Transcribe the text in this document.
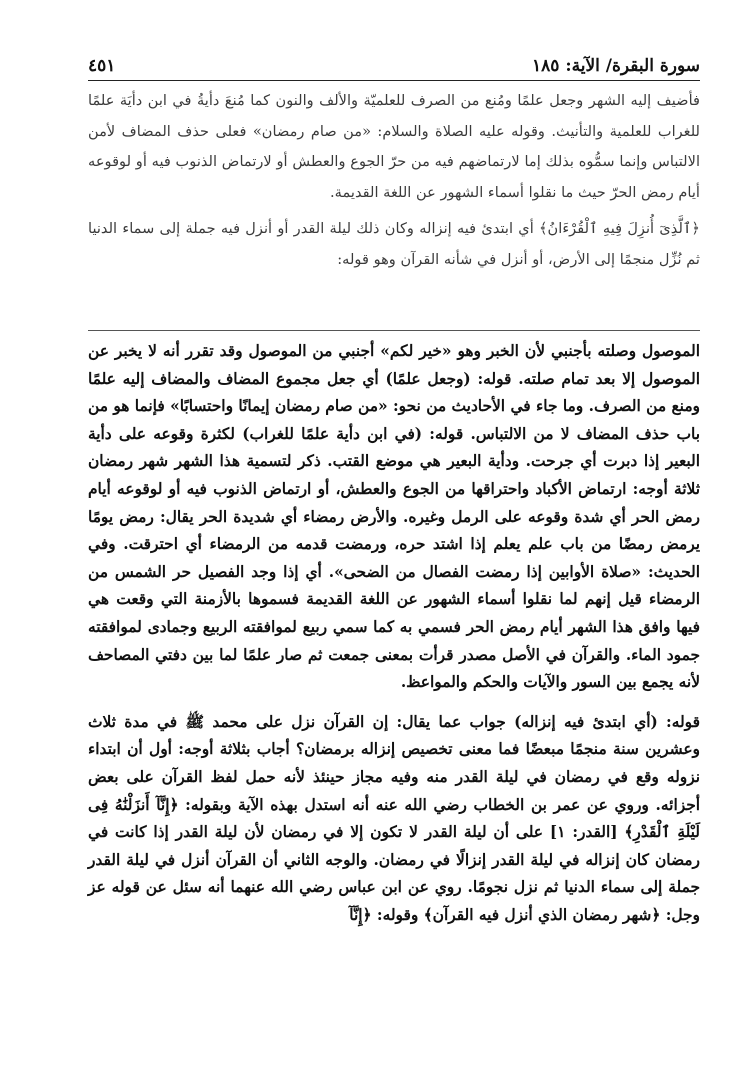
سورة البقرة/ الآية: ١٨٥
٤٥١

فأضيف إليه الشهر وجعل علمًا ومُنع من الصرف للعلميّة والألف والنون كما مُنعَ دأيةُ في ابن دأيَة علمًا للغراب للعلمية والتأنيث. وقوله عليه الصلاة والسلام: «من صام رمضان» فعلى حذف المضاف لأمن الالتباس وإنما سمُّوه بذلك إما لارتماضهم فيه من حرّ الجوع والعطش أو لارتماض الذنوب فيه أو لوقوعه أيام رمض الحرّ حيث ما نقلوا أسماء الشهور عن اللغة القديمة.

﴿ٱلَّذِىٓ أُنزِلَ فِيهِ ٱلْقُرْءَانُ﴾ أي ابتدئ فيه إنزاله وكان ذلك ليلة القدر أو أنزل فيه جملة إلى سماء الدنيا ثم نُزِّل منجمًا إلى الأرض، أو أنزل في شأنه القرآن وهو قوله:

الموصول وصلته بأجنبي لأن الخبر وهو «خير لكم» أجنبي من الموصول وقد تقرر أنه لا يخبر عن الموصول إلا بعد تمام صلته. قوله: (وجعل علمًا) أي جعل مجموع المضاف والمضاف إليه علمًا ومنع من الصرف. وما جاء في الأحاديث من نحو: «من صام رمضان إيمانًا واحتسابًا» فإنما هو من باب حذف المضاف لا من الالتباس. قوله: (في ابن دأية علمًا للغراب) لكثرة وقوعه على دأية البعير إذا دبرت أي جرحت. ودأية البعير هي موضع القتب. ذكر لتسمية هذا الشهر شهر رمضان ثلاثة أوجه: ارتماض الأكباد واحتراقها من الجوع والعطش، أو ارتماض الذنوب فيه أو لوقوعه أيام رمض الحر أي شدة وقوعه على الرمل وغيره. والأرض رمضاء أي شديدة الحر يقال: رمض يومًا يرمض رمضًا من باب علم يعلم إذا اشتد حره، ورمضت قدمه من الرمضاء أي احترقت. وفي الحديث: «صلاة الأوابين إذا رمضت الفصال من الضحى». أي إذا وجد الفصيل حر الشمس من الرمضاء قيل إنهم لما نقلوا أسماء الشهور عن اللغة القديمة فسموها بالأزمنة التي وقعت هي فيها وافق هذا الشهر أيام رمض الحر فسمي به كما سمي ربيع لموافقته الربيع وجمادى لموافقته جمود الماء. والقرآن في الأصل مصدر قرأت بمعنى جمعت ثم صار علمًا لما بين دفتي المصاحف لأنه يجمع بين السور والآيات والحكم والمواعظ.

قوله: (أي ابتدئ فيه إنزاله) جواب عما يقال: إن القرآن نزل على محمد ﷺ في مدة ثلاث وعشرين سنة منجمًا مبعضًا فما معنى تخصيص إنزاله برمضان؟ أجاب بثلاثة أوجه: أول أن ابتداء نزوله وقع في رمضان في ليلة القدر منه وفيه مجاز حينئذ لأنه حمل لفظ القرآن على بعض أجزائه. وروي عن عمر بن الخطاب رضي الله عنه أنه استدل بهذه الآية وبقوله: ﴿إِنَّآ أَنزَلْنَٰهُ فِى لَيْلَةِ ٱلْقَدْرِ﴾ [القدر: ١] على أن ليلة القدر لا تكون إلا في رمضان لأن ليلة القدر إذا كانت في رمضان كان إنزاله في ليلة القدر إنزالًا في رمضان. والوجه الثاني أن القرآن أنزل في ليلة القدر جملة إلى سماء الدنيا ثم نزل نجومًا. روي عن ابن عباس رضي الله عنهما أنه سئل عن قوله عز وجل: ﴿شهر رمضان الذي أنزل فيه القرآن﴾ وقوله: ﴿إِنَّآ
